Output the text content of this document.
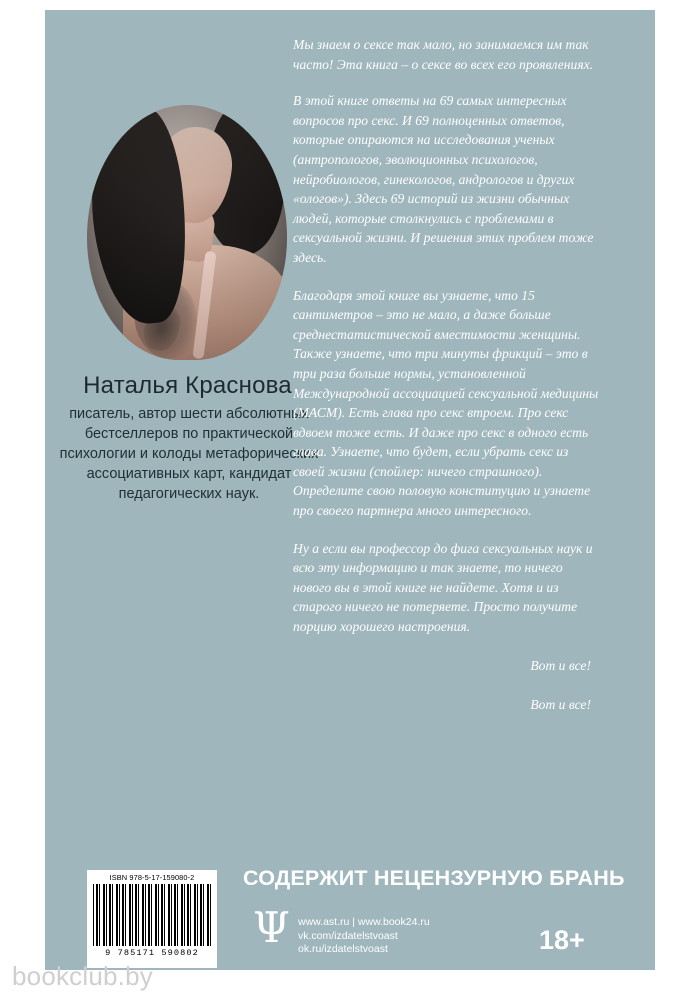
Наталья Краснова
писатель, автор шести абсолютных бестселлеров по практической психологии и колоды метафорических ассоциативных карт, кандидат педагогических наук.

Мы знаем о сексе так мало, но занимаемся им так часто! Эта книга – о сексе во всех его проявлениях.

В этой книге ответы на 69 самых интересных вопросов про секс. И 69 полноценных ответов, которые опираются на исследования ученых (антропологов, эволюционных психологов, нейробиологов, гинекологов, андрологов и других «ологов»). Здесь 69 историй из жизни обычных людей, которые столкнулись с проблемами в сексуальной жизни. И решения этих проблем тоже здесь.

Благодаря этой книге вы узнаете, что 15 сантиметров – это не мало, а даже больше среднестатистической вместимости женщины. Также узнаете, что три минуты фрикций – это в три раза больше нормы, установленной Международной ассоциацией сексуальной медицины (МАСМ). Есть глава про секс втроем. Про секс вдвоем тоже есть. И даже про секс в одного есть глава. Узнаете, что будет, если убрать секс из своей жизни (спойлер: ничего страшного). Определите свою половую конституцию и узнаете про своего партнера много интересного.

Ну а если вы профессор до фига сексуальных наук и всю эту информацию и так знаете, то ничего нового вы в этой книге не найдете. Хотя и из старого ничего не потеряете. Просто получите порцию хорошего настроения.

Вот и все!

Вот и все!

СОДЕРЖИТ НЕЦЕНЗУРНУЮ БРАНЬ
Ψ www.ast.ru | www.book24.ru
vk.com/izdatelstvoast
ok.ru/izdatelstvoast	18+
ISBN 978-5-17-159080-2
9 785171 590802
bookclub.by
